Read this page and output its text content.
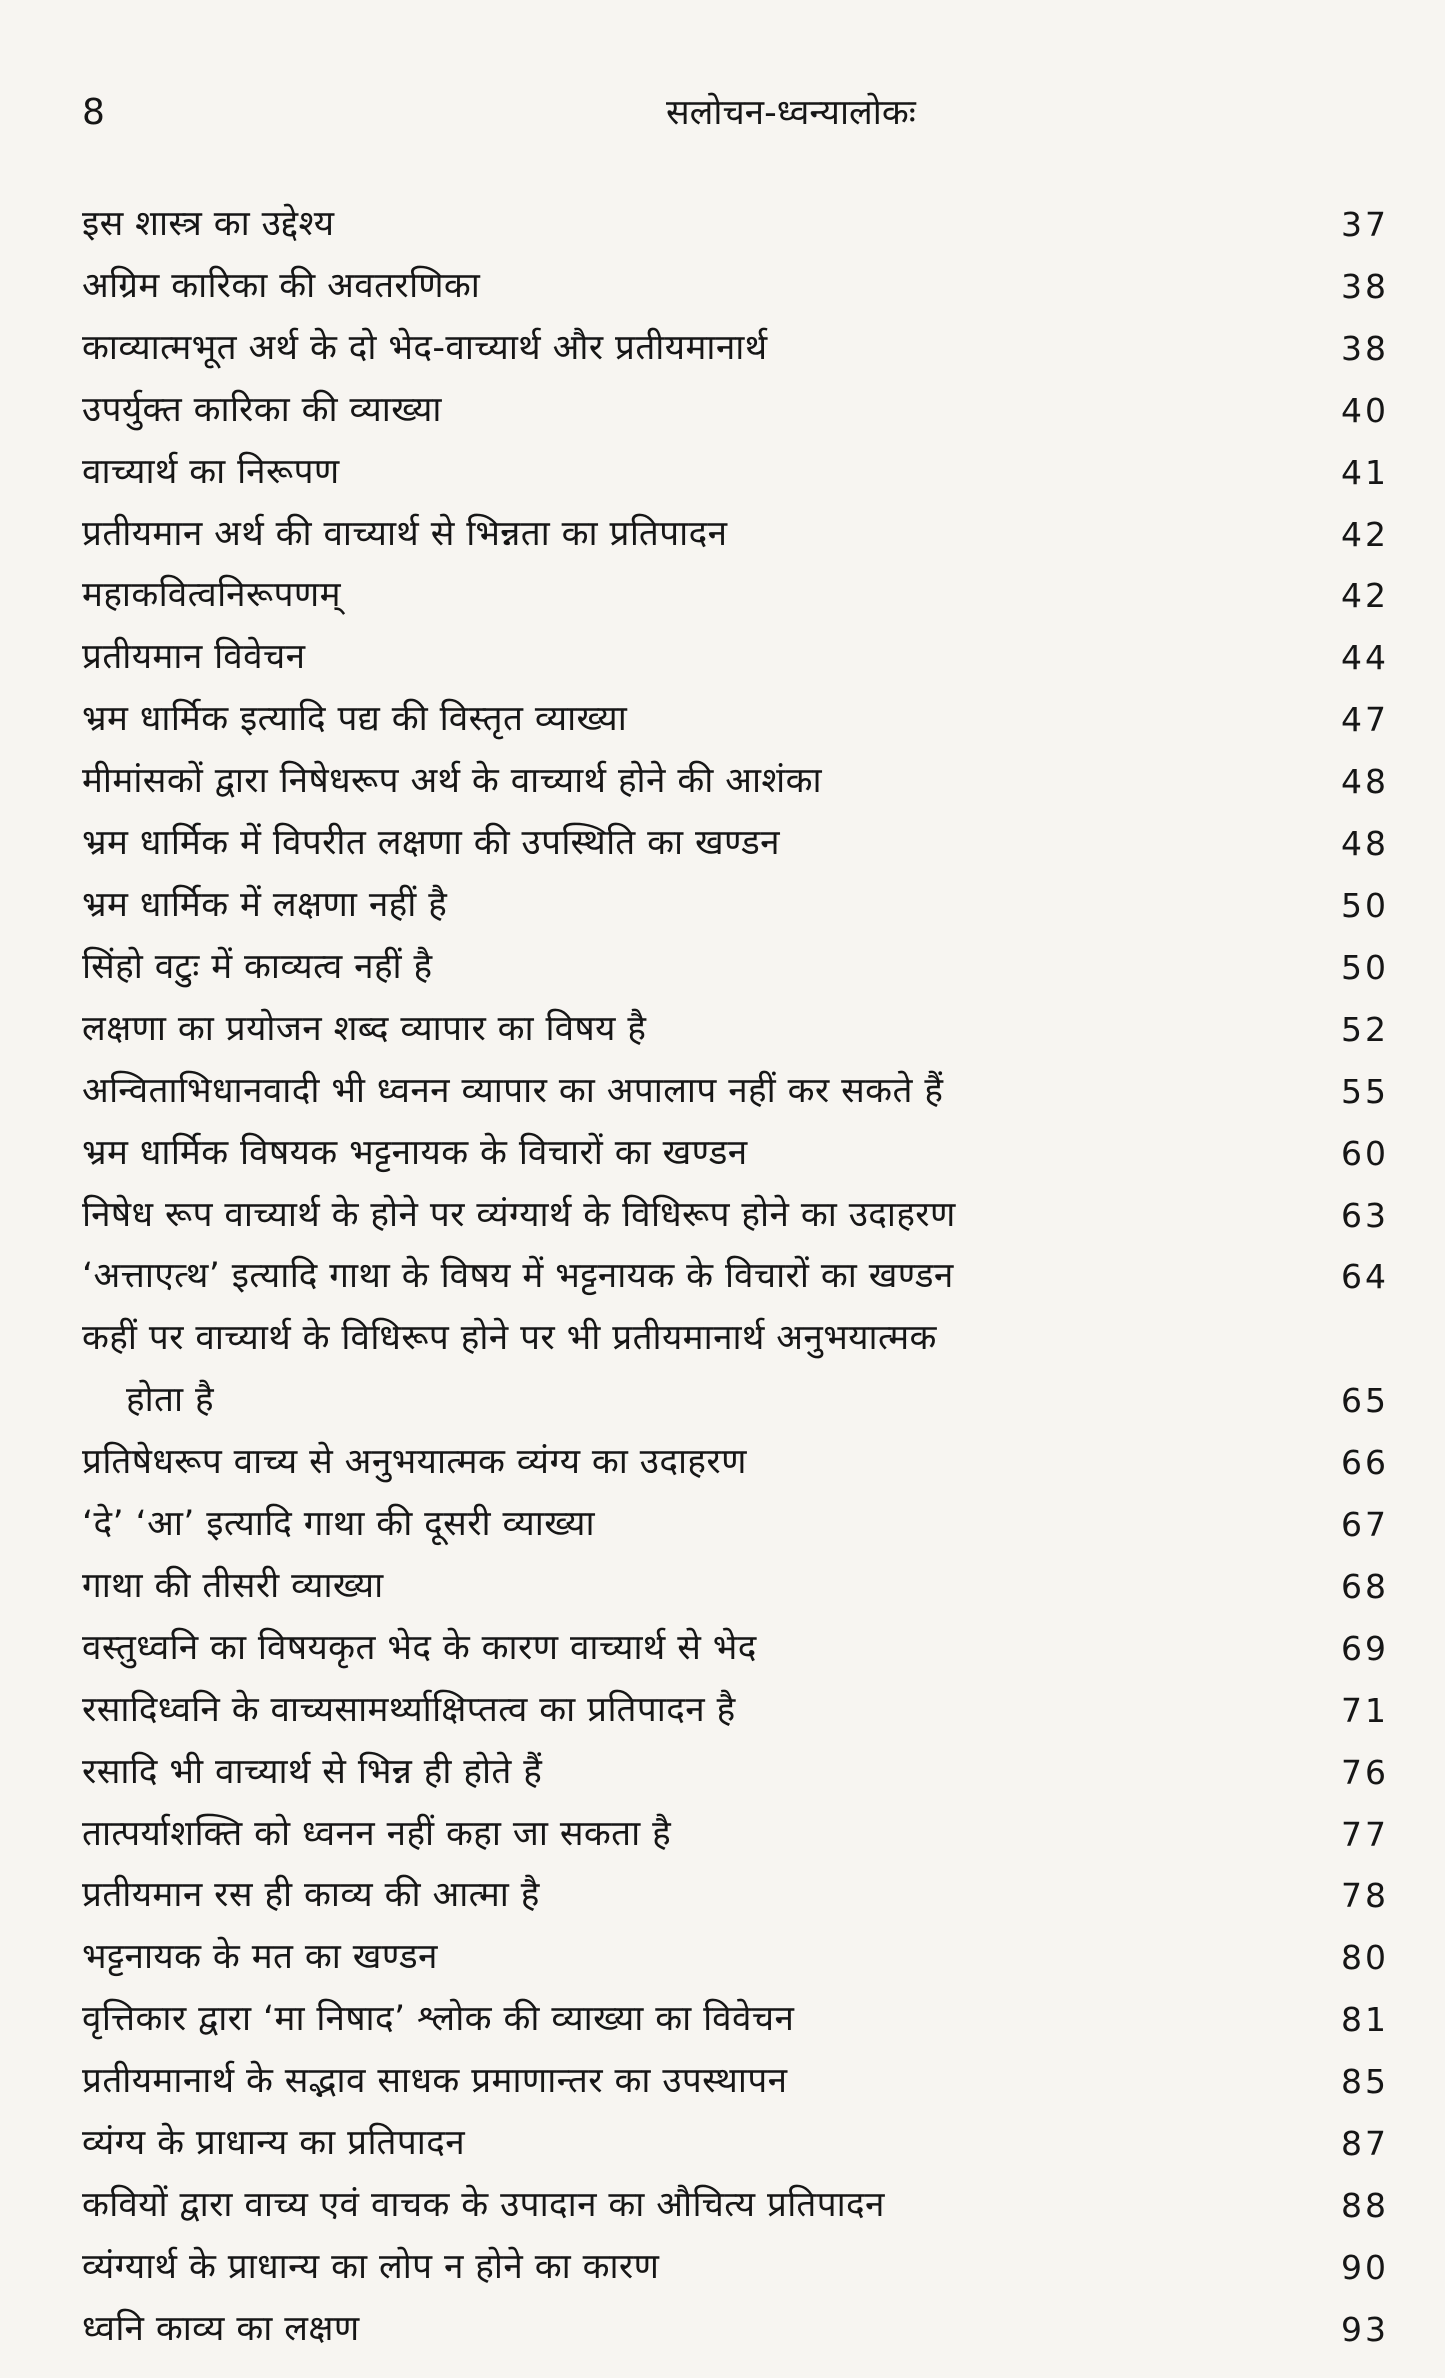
8	सलोचन-ध्वन्यालोकः
इस शास्त्र का उद्देश्य	37
अग्रिम कारिका की अवतरणिका	38
काव्यात्मभूत अर्थ के दो भेद-वाच्यार्थ और प्रतीयमानार्थ	38
उपर्युक्त कारिका की व्याख्या	40
वाच्यार्थ का निरूपण	41
प्रतीयमान अर्थ की वाच्यार्थ से भिन्नता का प्रतिपादन	42
महाकवित्वनिरूपणम्	42
प्रतीयमान विवेचन	44
भ्रम धार्मिक इत्यादि पद्य की विस्तृत व्याख्या	47
मीमांसकों द्वारा निषेधरूप अर्थ के वाच्यार्थ होने की आशंका	48
भ्रम धार्मिक में विपरीत लक्षणा की उपस्थिति का खण्डन	48
भ्रम धार्मिक में लक्षणा नहीं है	50
सिंहो वटुः में काव्यत्व नहीं है	50
लक्षणा का प्रयोजन शब्द व्यापार का विषय है	52
अन्विताभिधानवादी भी ध्वनन व्यापार का अपालाप नहीं कर सकते हैं	55
भ्रम धार्मिक विषयक भट्टनायक के विचारों का खण्डन	60
निषेध रूप वाच्यार्थ के होने पर व्यंग्यार्थ के विधिरूप होने का उदाहरण	63
‘अत्ताएत्थ’ इत्यादि गाथा के विषय में भट्टनायक के विचारों का खण्डन	64
कहीं पर वाच्यार्थ के विधिरूप होने पर भी प्रतीयमानार्थ अनुभयात्मक
होता है	65
प्रतिषेधरूप वाच्य से अनुभयात्मक व्यंग्य का उदाहरण	66
‘दे’ ‘आ’ इत्यादि गाथा की दूसरी व्याख्या	67
गाथा की तीसरी व्याख्या	68
वस्तुध्वनि का विषयकृत भेद के कारण वाच्यार्थ से भेद	69
रसादिध्वनि के वाच्यसामर्थ्याक्षिप्तत्व का प्रतिपादन है	71
रसादि भी वाच्यार्थ से भिन्न ही होते हैं	76
तात्पर्याशक्ति को ध्वनन नहीं कहा जा सकता है	77
प्रतीयमान रस ही काव्य की आत्मा है	78
भट्टनायक के मत का खण्डन	80
वृत्तिकार द्वारा ‘मा निषाद’ श्लोक की व्याख्या का विवेचन	81
प्रतीयमानार्थ के सद्भाव साधक प्रमाणान्तर का उपस्थापन	85
व्यंग्य के प्राधान्य का प्रतिपादन	87
कवियों द्वारा वाच्य एवं वाचक के उपादान का औचित्य प्रतिपादन	88
व्यंग्यार्थ के प्राधान्य का लोप न होने का कारण	90
ध्वनि काव्य का लक्षण	93
